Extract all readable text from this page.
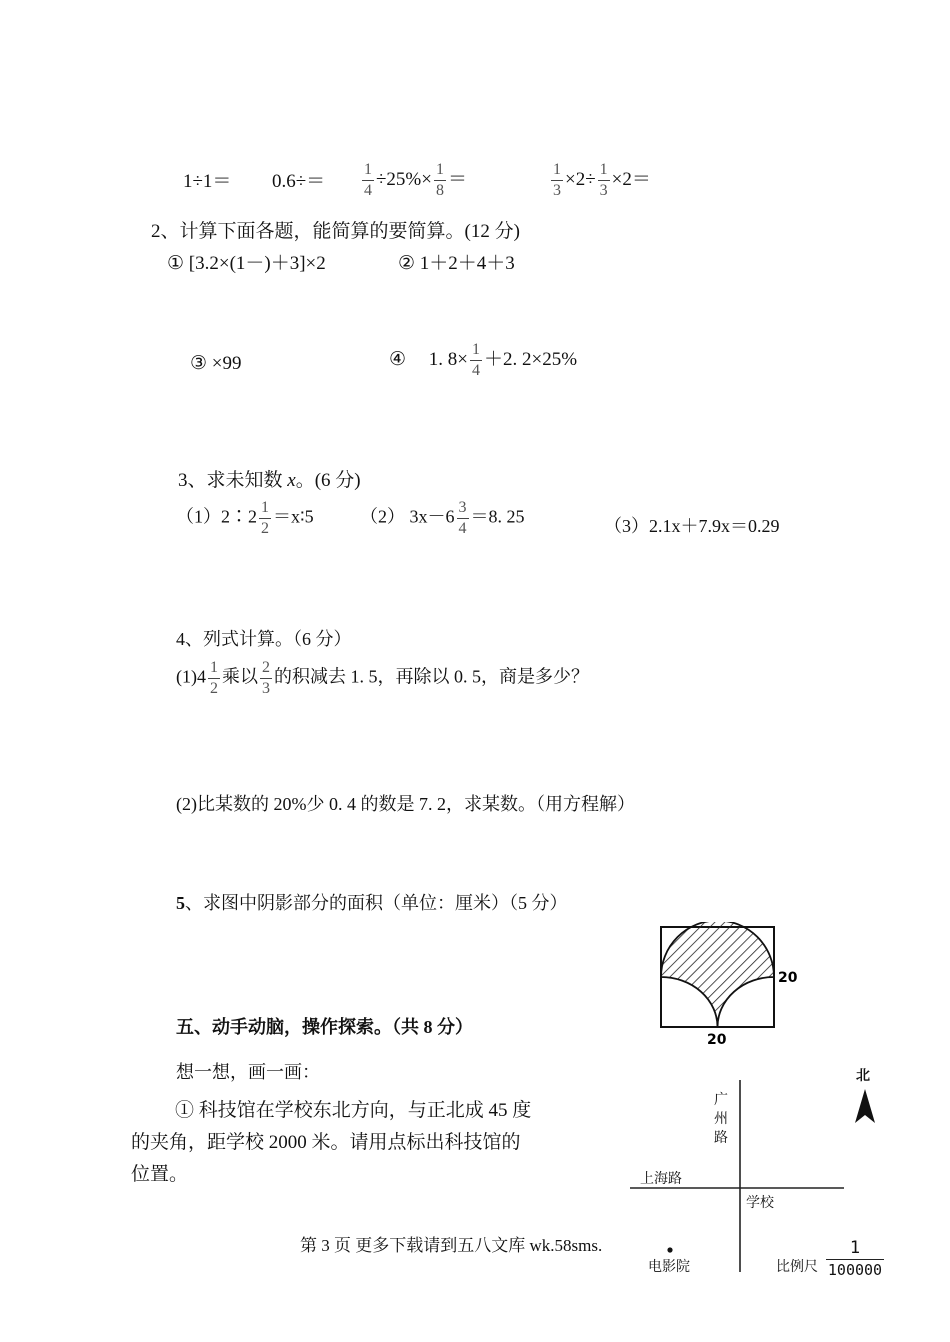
$1\div 1= 0.6\div= \frac{1}{4} \div 25\%\times \frac{1}{8}$ ＝	$\frac{1}{3} \times 2\div \frac{1}{3} \times 2=$
2、计算下面各题，能简算的要简算。(12 分)
① [3.2×(1－)＋3]×2	② 1＋2＋4＋3
③ ×99	④ 1. $8\times \frac{1}{4} +2$. 2×25%
3、求未知数 x。(6 分)
（1）2∶2 $\frac{1}{2}$ ＝x∶5	（2） $3x-6 \frac{3}{4} =8$. 25	（3）2.1x＋7.9x＝0.29
4、列式计算。（6 分）
$(1)4 \frac{1}{2}$ 乘以 $\frac{2}{3}$ 的积减去 1. 5，再除以 0. 5，商是多少？
(2)比某数的 20%少 0. 4 的数是 7. 2，求某数。（用方程解）
5、求图中阴影部分的面积（单位：厘米）（5 分）
20
20
五、动手动脑，操作探索。（共 8 分）
想一想，画一画：
① 科技馆在学校东北方向，与正北成 45 度
的夹角，距学校 2000 米。请用点标出科技馆的
位置。
北
广
州
路
上海路
学校
电影院	比例尺
1
100000
第 3 页 更多下载请到五八文库 wk.58sms.
